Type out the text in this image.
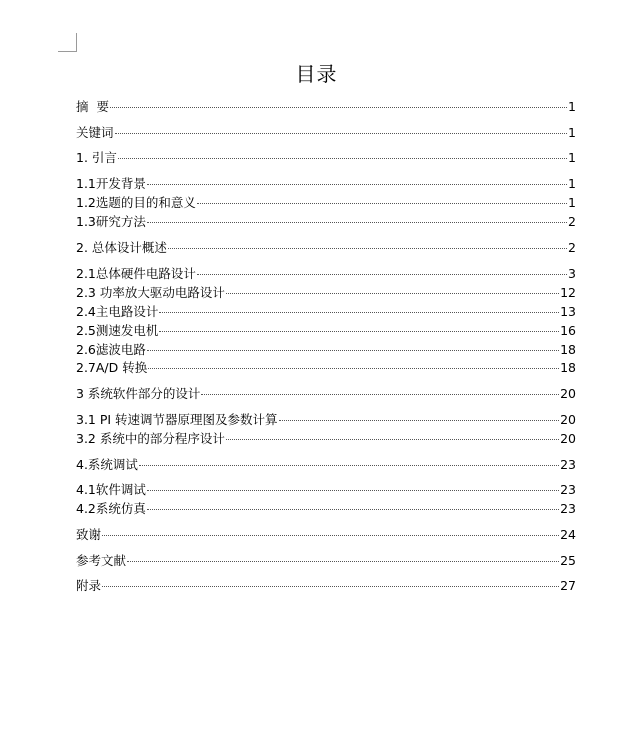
目录
摘  要	1
关键词	1
1. 引言	1
1.1开发背景	1
1.2选题的目的和意义	1
1.3研究方法	2
2. 总体设计概述	2
2.1总体硬件电路设计	3
2.3 功率放大驱动电路设计	12
2.4主电路设计	13
2.5测速发电机	16
2.6滤波电路	18
2.7A/D 转换	18
3 系统软件部分的设计	20
3.1 PI 转速调节器原理图及参数计算	20
3.2 系统中的部分程序设计	20
4.系统调试	23
4.1软件调试	23
4.2系统仿真	23
致谢	24
参考文献	25
附录	27
